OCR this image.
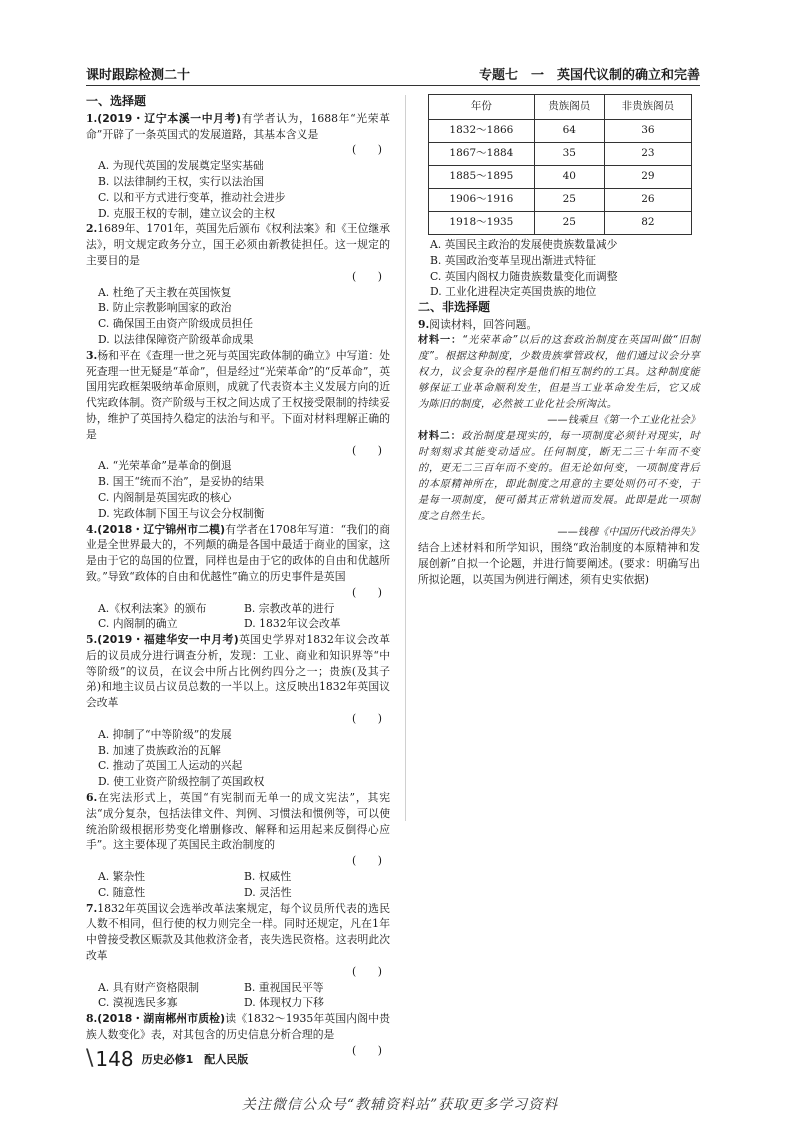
课时跟踪检测二十	专题七　一　英国代议制的确立和完善
一、选择题
1.(2019・辽宁本溪一中月考)有学者认为，1688年“光荣革命”开辟了一条英国式的发展道路，其基本含义是
(　　)
A. 为现代英国的发展奠定坚实基础
B. 以法律制约王权，实行以法治国
C. 以和平方式进行变革，推动社会进步
D. 克服王权的专制，建立议会的主权
2.1689年、1701年，英国先后颁布《权利法案》和《王位继承法》，明文规定政务分立，国王必须由新教徒担任。这一规定的主要目的是
(　　)
A. 杜绝了天主教在英国恢复
B. 防止宗教影响国家的政治
C. 确保国王由资产阶级成员担任
D. 以法律保障资产阶级革命成果
3.杨和平在《查理一世之死与英国宪政体制的确立》中写道：处死查理一世无疑是“革命”，但是经过“光荣革命”的“反革命”，英国用宪政框架吸纳革命原则，成就了代表资本主义发展方向的近代宪政体制。资产阶级与王权之间达成了王权接受限制的持续妥协，维护了英国持久稳定的法治与和平。下面对材料理解正确的是
(　　)
A. “光荣革命”是革命的倒退
B. 国王“统而不治”，是妥协的结果
C. 内阁制是英国宪政的核心
D. 宪政体制下国王与议会分权制衡
4.(2018・辽宁锦州市二模)有学者在1708年写道：“我们的商业是全世界最大的，不列颠的确是各国中最适于商业的国家，这是由于它的岛国的位置，同样也是由于它的政体的自由和优越所致。”导致“政体的自由和优越性”确立的历史事件是英国
(　　)
A.《权利法案》的颁布	B. 宗教改革的进行
C. 内阁制的确立	D. 1832年议会改革
5.(2019・福建华安一中月考)英国史学界对1832年议会改革后的议员成分进行调查分析，发现：工业、商业和知识界等“中等阶级”的议员，在议会中所占比例约四分之一；贵族(及其子弟)和地主议员占议员总数的一半以上。这反映出1832年英国议会改革
(　　)
A. 抑制了“中等阶级”的发展
B. 加速了贵族政治的瓦解
C. 推动了英国工人运动的兴起
D. 使工业资产阶级控制了英国政权
6.在宪法形式上，英国“有宪制而无单一的成文宪法”，其宪法“成分复杂，包括法律文件、判例、习惯法和惯例等，可以使统治阶级根据形势变化增删修改、解释和运用起来反倒得心应手”。这主要体现了英国民主政治制度的
(　　)
A. 繁杂性	B. 权威性
C. 随意性	D. 灵活性
7.1832年英国议会选举改革法案规定，每个议员所代表的选民人数不相同，但行使的权力则完全一样。同时还规定，凡在1年中曾接受教区赈款及其他救济金者，丧失选民资格。这表明此次改革
(　　)
A. 具有财产资格限制	B. 重视国民平等
C. 漠视选民多寡	D. 体现权力下移
8.(2018・湖南郴州市质检)读《1832～1935年英国内阁中贵族人数变化》表，对其包含的历史信息分析合理的是
(　　)
年份	贵族阁员	非贵族阁员
1832～1866	64	36
1867～1884	35	23
1885～1895	40	29
1906～1916	25	26
1918～1935	25	82
A. 英国民主政治的发展使贵族数量减少
B. 英国政治变革呈现出渐进式特征
C. 英国内阁权力随贵族数量变化而调整
D. 工业化进程决定英国贵族的地位
二、非选择题
9.阅读材料，回答问题。
材料一：“光荣革命”以后的这套政治制度在英国叫做“旧制度”。根据这种制度，少数贵族掌管政权，他们通过议会分享权力，议会复杂的程序是他们相互制约的工具。这种制度能够保证工业革命顺利发生，但是当工业革命发生后，它又成为陈旧的制度，必然被工业化社会所淘汰。
——钱乘旦《第一个工业化社会》
材料二：政治制度是现实的，每一项制度必须针对现实，时时刻刻求其能变动适应。任何制度，断无二三十年而不变的，更无二三百年而不变的。但无论如何变，一项制度背后的本原精神所在，即此制度之用意的主要处则仍可不变，于是每一项制度，便可循其正常轨道而发展。此即是此一项制度之自然生长。
——钱穆《中国历代政治得失》
结合上述材料和所学知识，围绕“政治制度的本原精神和发展创新”自拟一个论题，并进行简要阐述。(要求：明确写出所拟论题，以英国为例进行阐述，须有史实依据)
\ 148 历史必修1　配人民版
关注微信公众号“教辅资料站”获取更多学习资料
